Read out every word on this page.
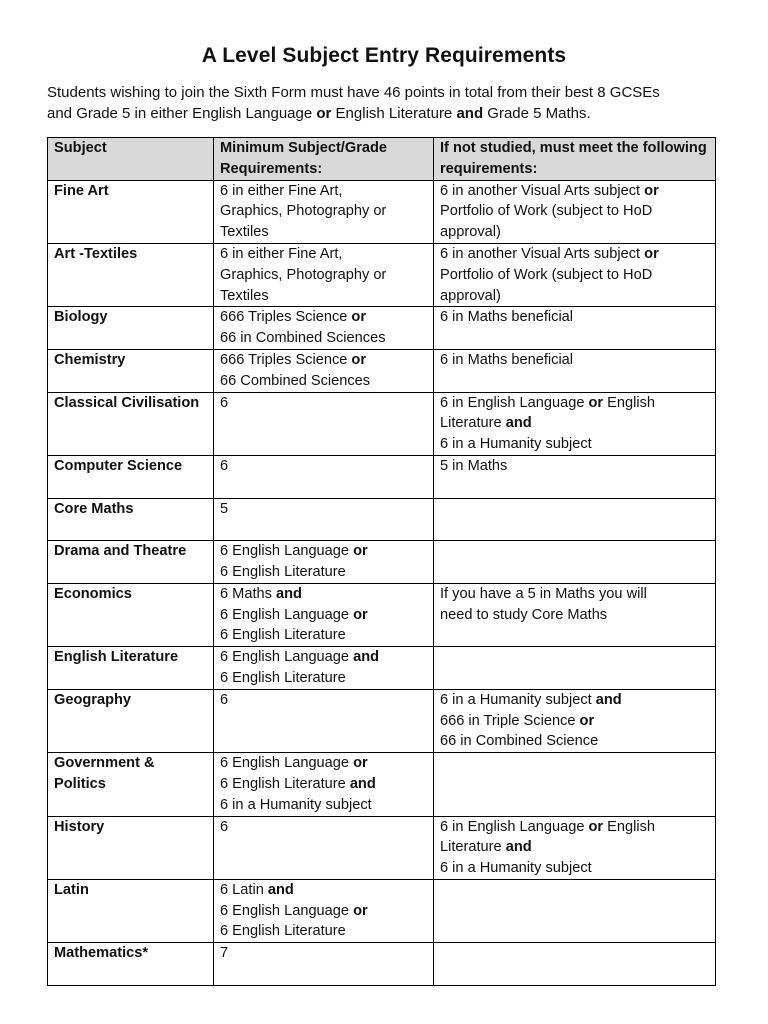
A Level Subject Entry Requirements
Students wishing to join the Sixth Form must have 46 points in total from their best 8 GCSEs
and Grade 5 in either English Language or English Literature and Grade 5 Maths.
Subject	Minimum Subject/Grade Requirements:	If not studied, must meet the following requirements:
Fine Art	6 in either Fine Art,
Graphics, Photography or
Textiles	6 in another Visual Arts subject or
Portfolio of Work (subject to HoD
approval)

Art -Textiles	6 in either Fine Art,
Graphics, Photography or
Textiles	6 in another Visual Arts subject or
Portfolio of Work (subject to HoD
approval)

Biology	666 Triples Science or
66 in Combined Sciences	6 in Maths beneficial

Chemistry	666 Triples Science or
66 Combined Sciences	6 in Maths beneficial

Classical Civilisation	6	6 in English Language or English
Literature and
6 in a Humanity subject

Computer Science	6	5 in Maths

Core Maths	5	

Drama and Theatre	6 English Language or
6 English Literature	

Economics	6 Maths and
6 English Language or
6 English Literature	If you have a 5 in Maths you will
need to study Core Maths

English Literature	6 English Language and
6 English Literature	

Geography	6	6 in a Humanity subject and
666 in Triple Science or
66 in Combined Science

Government & Politics	6 English Language or
6 English Literature and
6 in a Humanity subject	

History	6	6 in English Language or English
Literature and
6 in a Humanity subject

Latin	6 Latin and
6 English Language or
6 English Literature	

Mathematics*	7	
